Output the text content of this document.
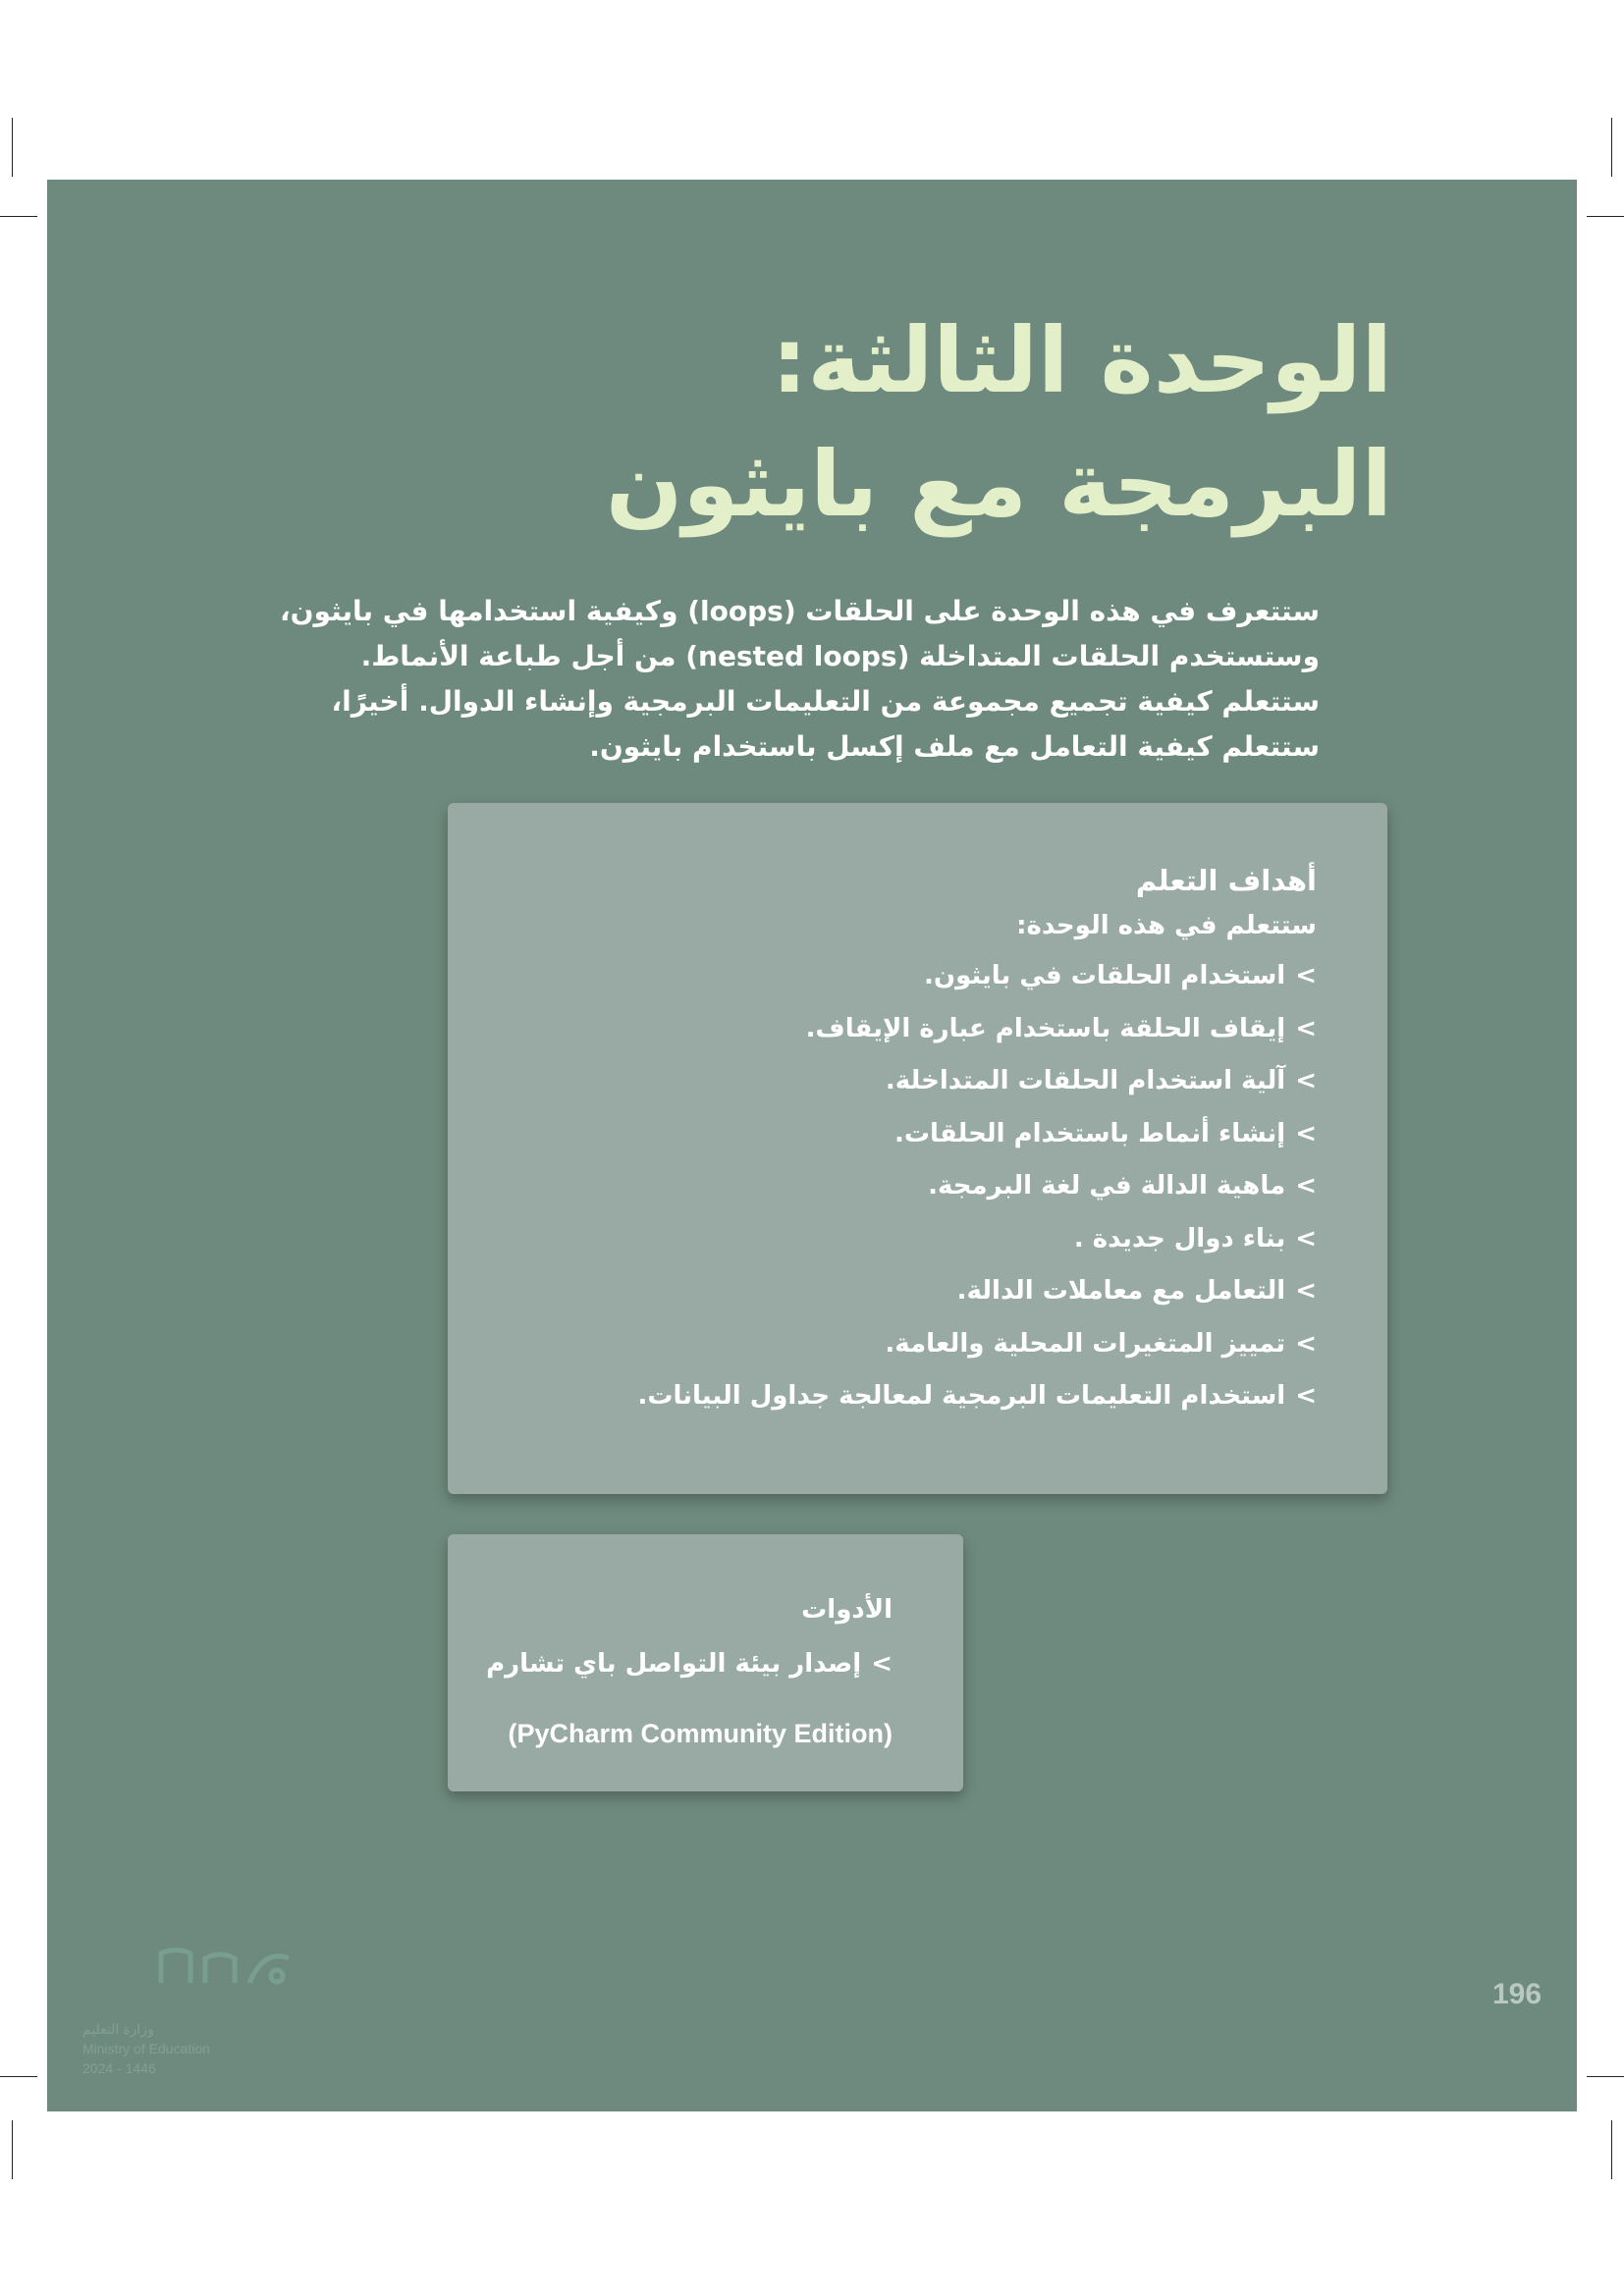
الوحدة الثالثة:
البرمجة مع بايثون
ستتعرف في هذه الوحدة على الحلقات (loops) وكيفية استخدامها في بايثون،
وستستخدم الحلقات المتداخلة (nested loops) من أجل طباعة الأنماط.
ستتعلم كيفية تجميع مجموعة من التعليمات البرمجية وإنشاء الدوال. أخيرًا،
ستتعلم كيفية التعامل مع ملف إكسل باستخدام بايثون.

أهداف التعلم

ستتعلم في هذه الوحدة:

>استخدام الحلقات في بايثون.
>إيقاف الحلقة باستخدام عبارة الإيقاف.
>آلية استخدام الحلقات المتداخلة.
>إنشاء أنماط باستخدام الحلقات.
>ماهية الدالة في لغة البرمجة.
>بناء دوال جديدة .
>التعامل مع معاملات الدالة.
>تمييز المتغيرات المحلية والعامة.
>استخدام التعليمات البرمجية لمعالجة جداول البيانات.

الأدوات

>إصدار بيئة التواصل باي تشارم

(PyCharm Community Edition)

وزارة التعليم
Ministry of Education
2024 - 1446
196
